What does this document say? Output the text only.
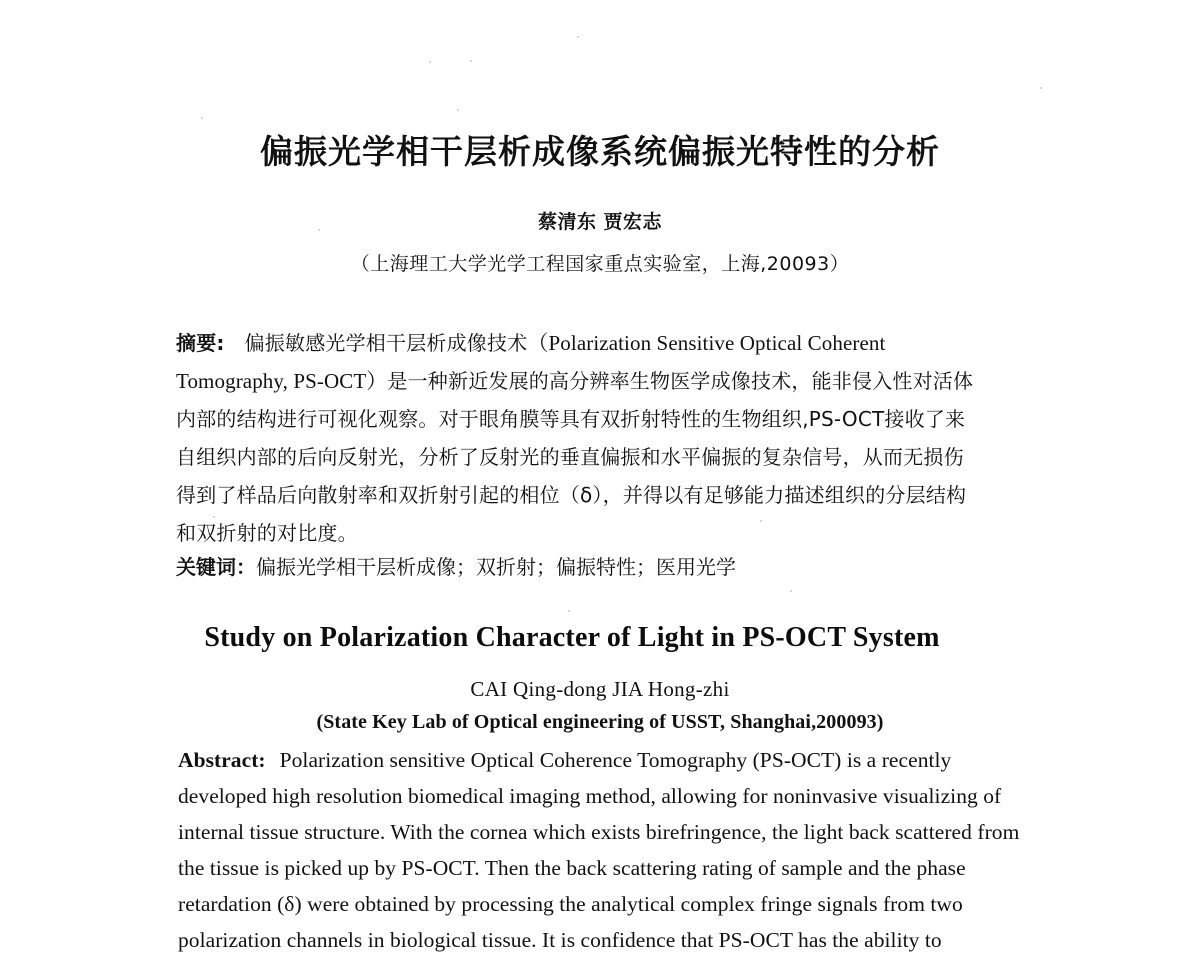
偏振光学相干层析成像系统偏振光特性的分析
蔡清东 贾宏志
（上海理工大学光学工程国家重点实验室，上海,20093）
摘要: 偏振敏感光学相干层析成像技术（Polarization Sensitive Optical Coherent
Tomography, PS-OCT）是一种新近发展的高分辨率生物医学成像技术，能非侵入性对活体
内部的结构进行可视化观察。对于眼角膜等具有双折射特性的生物组织,PS-OCT接收了来
自组织内部的后向反射光，分析了反射光的垂直偏振和水平偏振的复杂信号，从而无损伤
得到了样品后向散射率和双折射引起的相位（δ），并得以有足够能力描述组织的分层结构
和双折射的对比度。
关键词：偏振光学相干层析成像；双折射；偏振特性；医用光学
Study on Polarization Character of Light in PS-OCT System
CAI Qing-dong JIA Hong-zhi
(State Key Lab of Optical engineering of USST, Shanghai,200093)
Abstract: Polarization sensitive Optical Coherence Tomography (PS-OCT) is a recently
developed high resolution biomedical imaging method, allowing for noninvasive visualizing of
internal tissue structure. With the cornea which exists birefringence, the light back scattered from
the tissue is picked up by PS-OCT. Then the back scattering rating of sample and the phase
retardation (δ) were obtained by processing the analytical complex fringe signals from two
polarization channels in biological tissue. It is confidence that PS-OCT has the ability to
